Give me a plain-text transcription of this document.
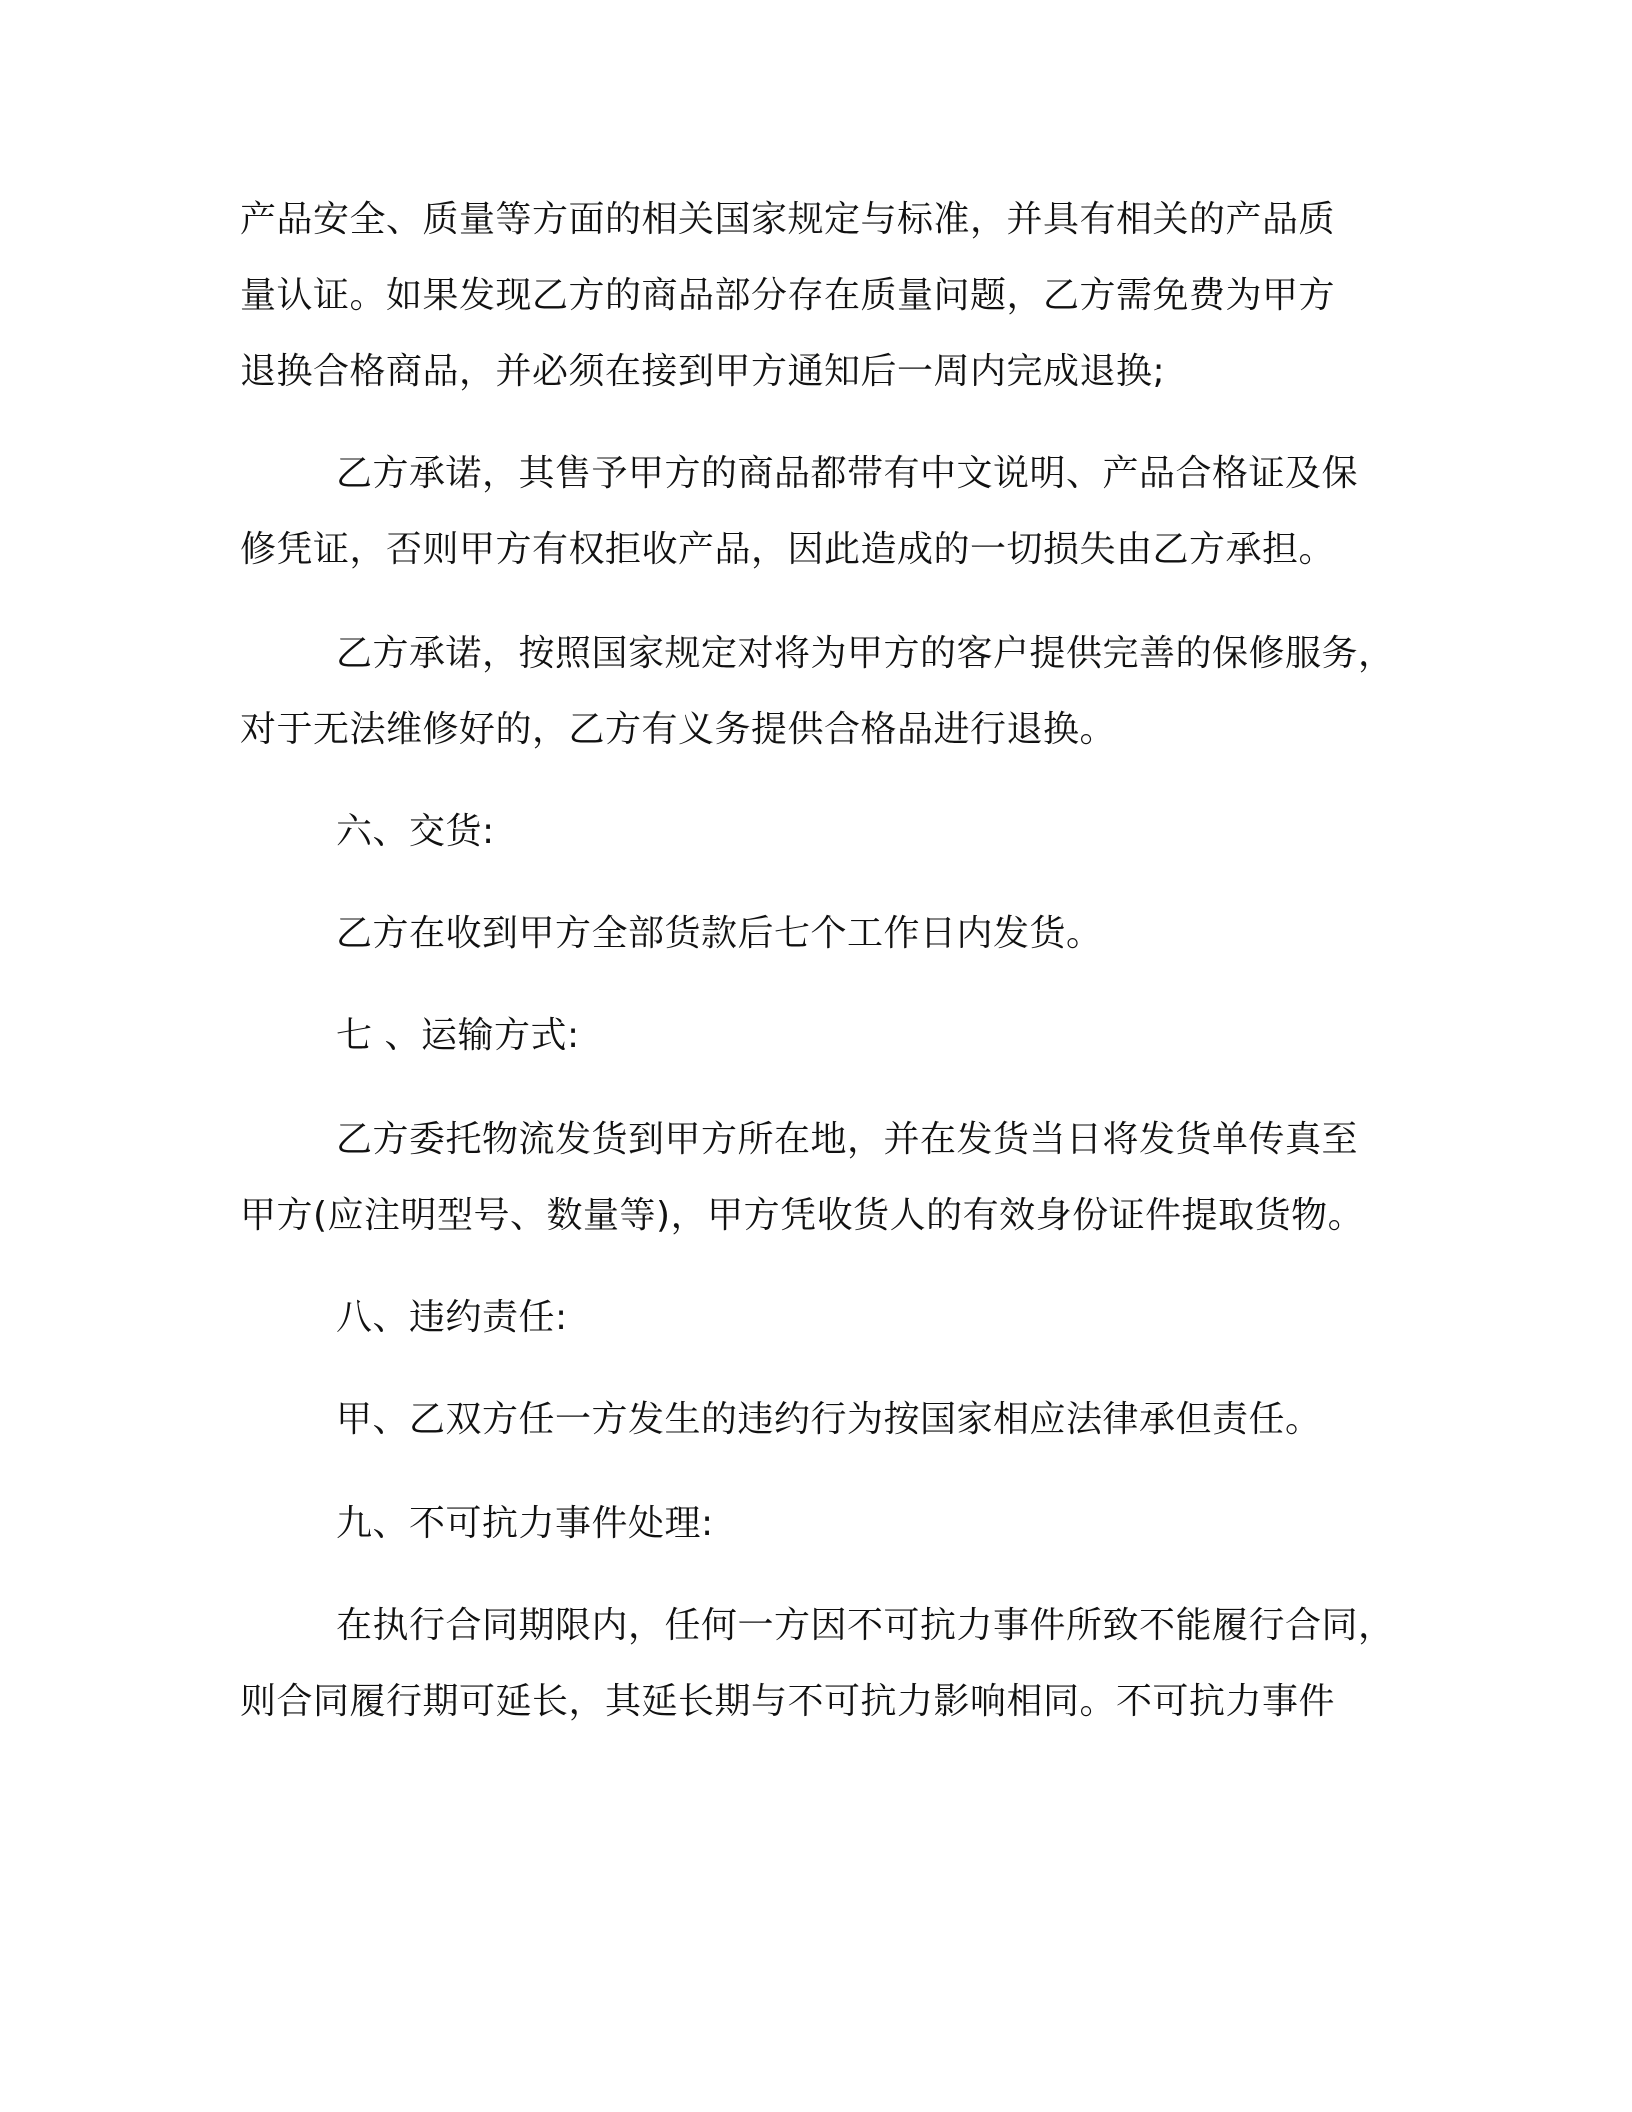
产品安全、质量等方面的相关国家规定与标准，并具有相关的产品质
量认证。如果发现乙方的商品部分存在质量问题，乙方需免费为甲方
退换合格商品，并必须在接到甲方通知后一周内完成退换;
乙方承诺，其售予甲方的商品都带有中文说明、产品合格证及保
修凭证，否则甲方有权拒收产品，因此造成的一切损失由乙方承担。
乙方承诺，按照国家规定对将为甲方的客户提供完善的保修服务，
对于无法维修好的，乙方有义务提供合格品进行退换。
六、交货:
乙方在收到甲方全部货款后七个工作日内发货。
七 、运输方式:
乙方委托物流发货到甲方所在地，并在发货当日将发货单传真至
甲方(应注明型号、数量等)，甲方凭收货人的有效身份证件提取货物。
八、违约责任:
甲、乙双方任一方发生的违约行为按国家相应法律承但责任。
九、不可抗力事件处理:
在执行合同期限内，任何一方因不可抗力事件所致不能履行合同，
则合同履行期可延长，其延长期与不可抗力影响相同。不可抗力事件
